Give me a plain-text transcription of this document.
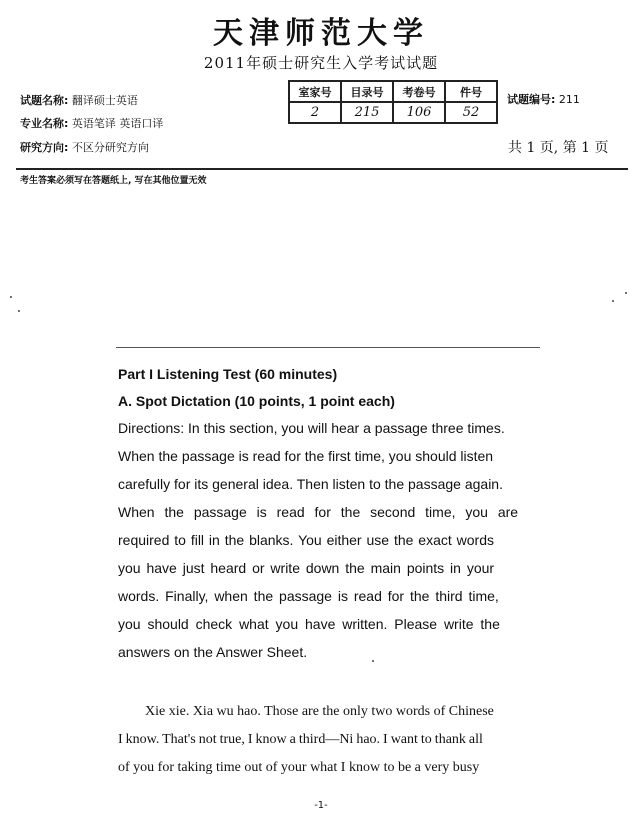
天津师范大学
2011年硕士研究生入学考试试题
试题名称: 翻译硕士英语
专业名称: 英语笔译 英语口译
研究方向: 不区分研究方向
室家号	目录号	考卷号	件号
2	215	106	52
试题编号: 211
共 1 页, 第 1 页
考生答案必须写在答题纸上, 写在其他位置无效
Part I Listening Test (60 minutes)
A. Spot Dictation (10 points, 1 point each)
Directions: In this section, you will hear a passage three times.
When the passage is read for the first time, you should listen
carefully for its general idea. Then listen to the passage again.
When the passage is read for the second time, you are
required to fill in the blanks. You either use the exact words
you have just heard or write down the main points in your
words. Finally, when the passage is read for the third time,
you should check what you have written. Please write the
answers on the Answer Sheet.
Xie xie. Xia wu hao. Those are the only two words of Chinese
I know. That's not true, I know a third—Ni hao. I want to thank all
of you for taking time out of your what I know to be a very busy
-1-
